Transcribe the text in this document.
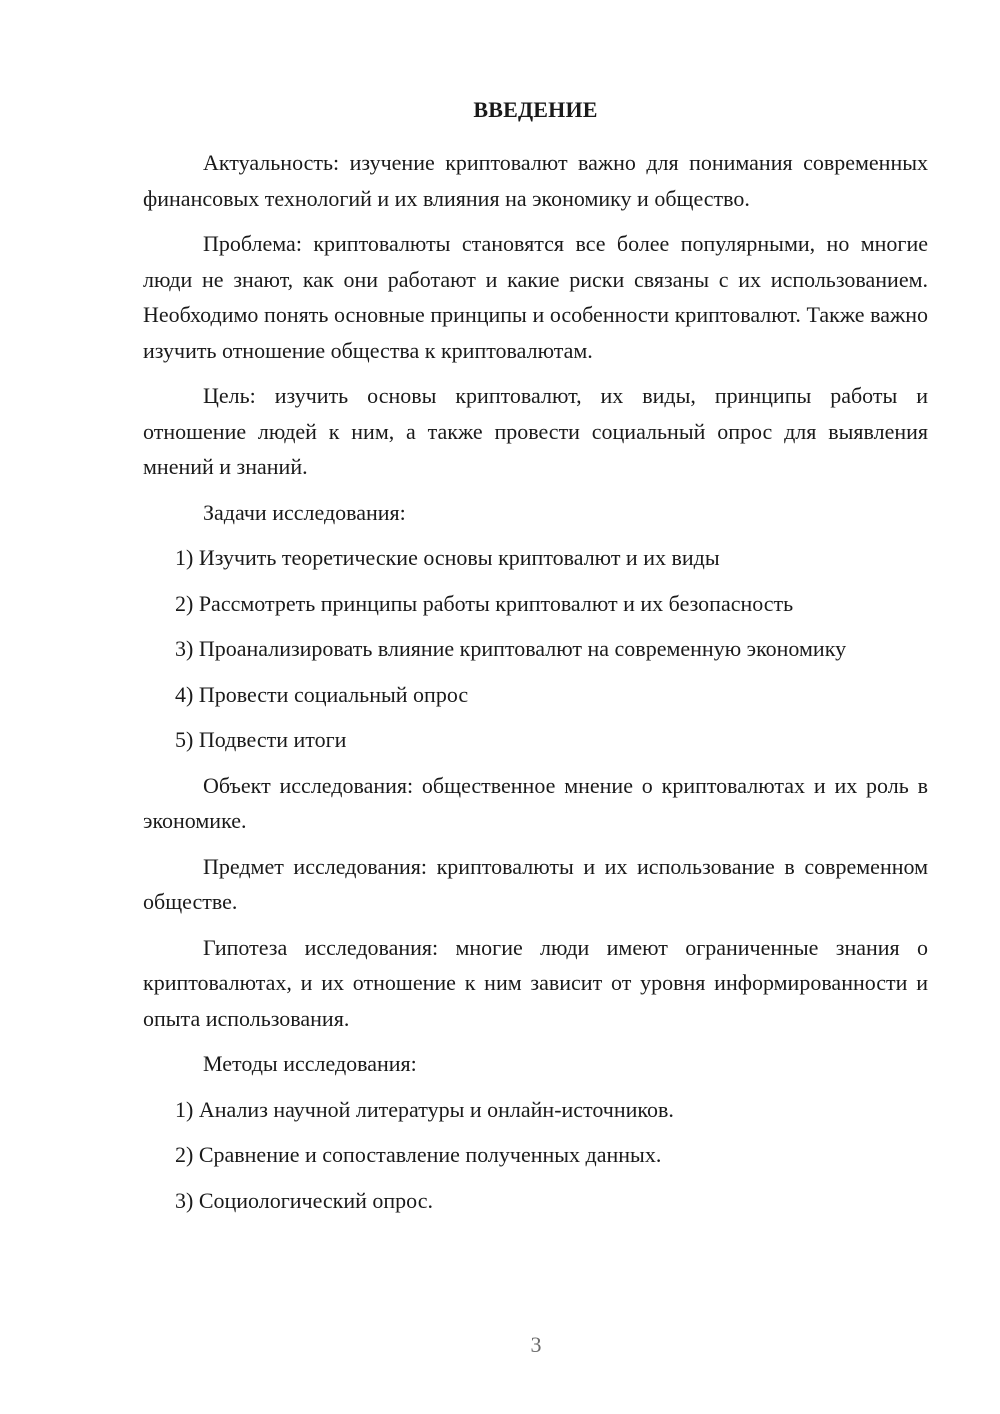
ВВЕДЕНИЕ

Актуальность: изучение криптовалют важно для понимания современных финансовых технологий и их влияния на экономику и общество.

Проблема: криптовалюты становятся все более популярными, но многие люди не знают, как они работают и какие риски связаны с их использованием. Необходимо понять основные принципы и особенности криптовалют. Также важно изучить отношение общества к криптовалютам.

Цель: изучить основы криптовалют, их виды, принципы работы и отношение людей к ним, а также провести социальный опрос для выявления мнений и знаний.

Задачи исследования:

1) Изучить теоретические основы криптовалют и их виды

2) Рассмотреть принципы работы криптовалют и их безопасность

3) Проанализировать влияние криптовалют на современную экономику

4) Провести социальный опрос

5) Подвести итоги

Объект исследования: общественное мнение о криптовалютах и их роль в экономике.

Предмет исследования: криптовалюты и их использование в современном обществе.

Гипотеза исследования: многие люди имеют ограниченные знания о криптовалютах, и их отношение к ним зависит от уровня информированности и опыта использования.

Методы исследования:

1) Анализ научной литературы и онлайн-источников.

2) Сравнение и сопоставление полученных данных.

3) Социологический опрос.

3
